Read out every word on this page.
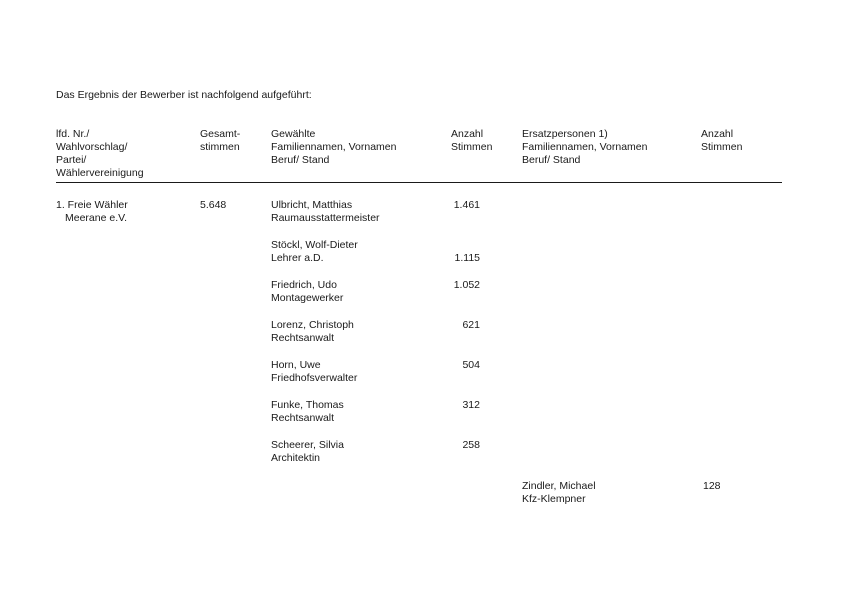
Das Ergebnis der Bewerber ist nachfolgend aufgeführt:
lfd. Nr./
Wahlvorschlag/
Partei/
Wählervereinigung
Gesamt-
stimmen
Gewählte
Familiennamen, Vornamen
Beruf/ Stand
Anzahl
Stimmen
Ersatzpersonen 1)
Familiennamen, Vornamen
Beruf/ Stand
Anzahl
Stimmen
1. Freie Wähler
Meerane e.V.
5.648	Ulbricht, Matthias
Raumausstattermeister
1.461
Stöckl, Wolf-Dieter
Lehrer a.D.	1.115
Friedrich, Udo
Montagewerker
1.052
Lorenz, Christoph
Rechtsanwalt
621
Horn, Uwe
Friedhofsverwalter
504
Funke, Thomas
Rechtsanwalt
312
Scheerer, Silvia
Architektin
258
Zindler, Michael
Kfz-Klempner
128
